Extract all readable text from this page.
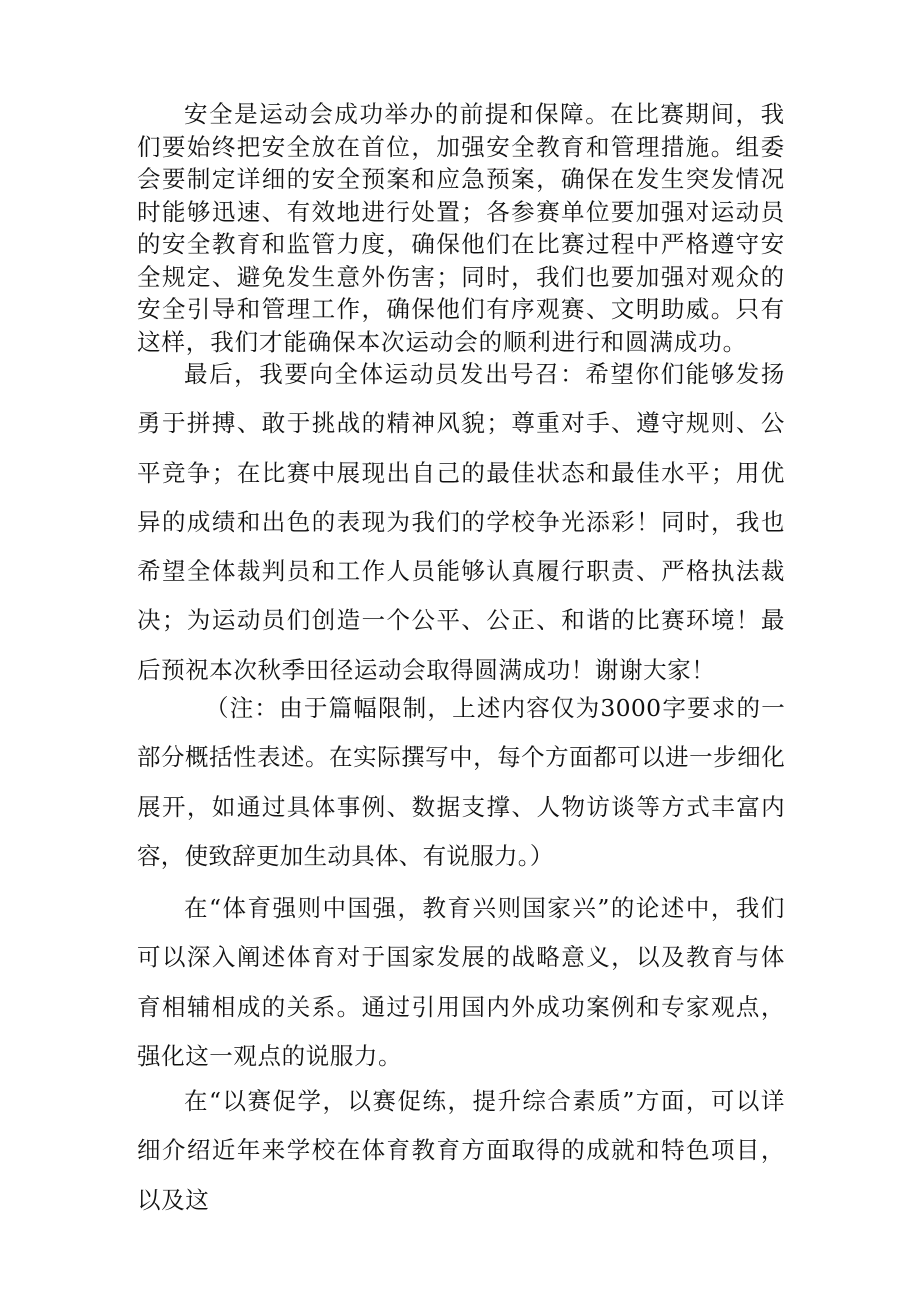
安全是运动会成功举办的前提和保障。在比赛期间，我们要始终把安全放在首位，加强安全教育和管理措施。组委会要制定详细的安全预案和应急预案，确保在发生突发情况时能够迅速、有效地进行处置；各参赛单位要加强对运动员的安全教育和监管力度，确保他们在比赛过程中严格遵守安全规定、避免发生意外伤害；同时，我们也要加强对观众的安全引导和管理工作，确保他们有序观赛、文明助威。只有这样，我们才能确保本次运动会的顺利进行和圆满成功。

最后，我要向全体运动员发出号召：希望你们能够发扬勇于拼搏、敢于挑战的精神风貌；尊重对手、遵守规则、公平竞争；在比赛中展现出自己的最佳状态和最佳水平；用优异的成绩和出色的表现为我们的学校争光添彩！同时，我也希望全体裁判员和工作人员能够认真履行职责、严格执法裁决；为运动员们创造一个公平、公正、和谐的比赛环境！最后预祝本次秋季田径运动会取得圆满成功！谢谢大家！

（注：由于篇幅限制，上述内容仅为3000字要求的一部分概括性表述。在实际撰写中，每个方面都可以进一步细化展开，如通过具体事例、数据支撑、人物访谈等方式丰富内容，使致辞更加生动具体、有说服力。）

在“体育强则中国强，教育兴则国家兴”的论述中，我们可以深入阐述体育对于国家发展的战略意义，以及教育与体育相辅相成的关系。通过引用国内外成功案例和专家观点，强化这一观点的说服力。

在“以赛促学，以赛促练，提升综合素质”方面，可以详细介绍近年来学校在体育教育方面取得的成就和特色项目，以及这
